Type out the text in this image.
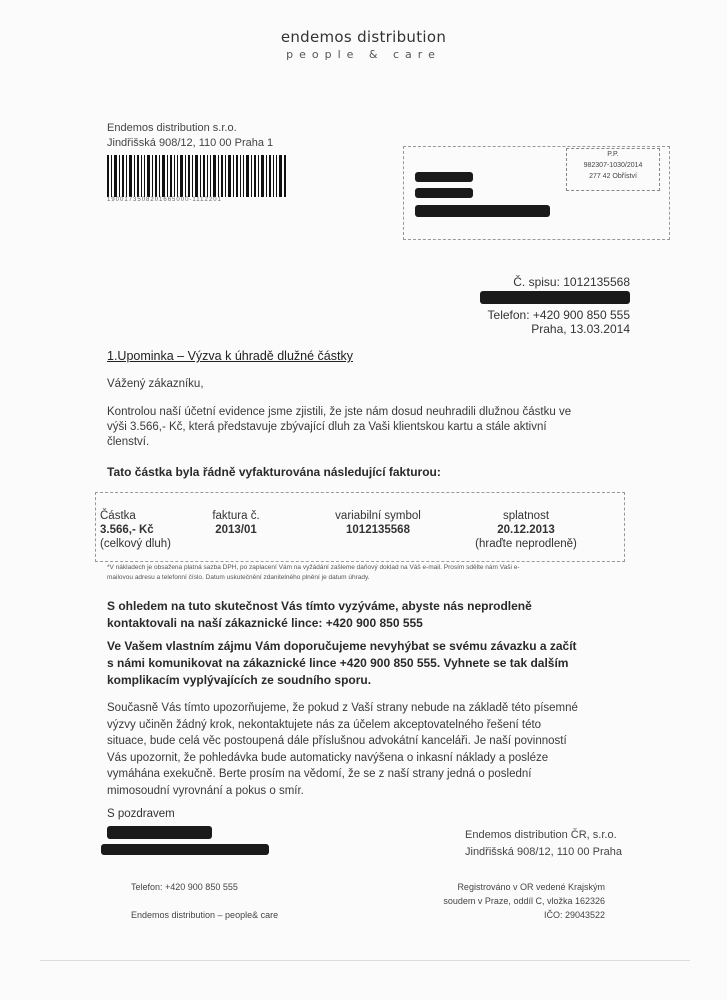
endemos distribution
people & care
Endemos distribution s.r.o.
Jindřišská 908/12, 110 00 Praha 1
1900173508201665000-1112201
P.P.
982307-1030/2014
277 42 Obříství
Č. spisu: 1012135568
Telefon: +420 900 850 555
Praha, 13.03.2014
1.Upominka – Výzva k úhradě dlužné částky
Vážený zákazníku,
Kontrolou naší účetní evidence jsme zjistili, že jste nám dosud neuhradili dlužnou částku ve
výši 3.566,- Kč, která představuje zbývající dluh za Vaši klientskou kartu a stále aktivní
členství.
Tato částka byla řádně vyfakturována následující fakturou:
Částka
3.566,- Kč
(celkový dluh)
faktura č.
2013/01
variabilní symbol
1012135568
splatnost
20.12.2013
(hraďte neprodleně)
*V nákladech je obsažena platná sazba DPH, po zaplacení Vám na vyžádání zašleme daňový doklad na Váš e-mail. Prosím sdělte nám Vaši e-
mailovou adresu a telefonní číslo. Datum uskutečnění zdanitelného plnění je datum úhrady.
S ohledem na tuto skutečnost Vás tímto vyzýváme, abyste nás neprodleně
kontaktovali na naší zákaznické lince: +420 900 850 555
Ve Vašem vlastním zájmu Vám doporučujeme nevyhýbat se svému závazku a začít
s námi komunikovat na zákaznické lince +420 900 850 555. Vyhnete se tak dalším
komplikacím vyplývajících ze soudního sporu.
Současně Vás tímto upozorňujeme, že pokud z Vaší strany nebude na základě této písemné
výzvy učiněn žádný krok, nekontaktujete nás za účelem akceptovatelného řešení této
situace, bude celá věc postoupená dále příslušnou advokátní kanceláři. Je naší povinností
Vás upozornit, že pohledávka bude automaticky navýšena o inkasní náklady a posléze
vymáhána exekučně. Berte prosím na vědomí, že se z naší strany jedná o poslední
mimosoudní vyrovnání a pokus o smír.
S pozdravem
Endemos distribution ČR, s.r.o.
Jindřišská 908/12, 110 00 Praha
Telefon: +420 900 850 555
Endemos distribution – people& care
Registrováno v OR vedené Krajským
soudem v Praze, oddíl C, vložka 162326
IČO: 29043522
